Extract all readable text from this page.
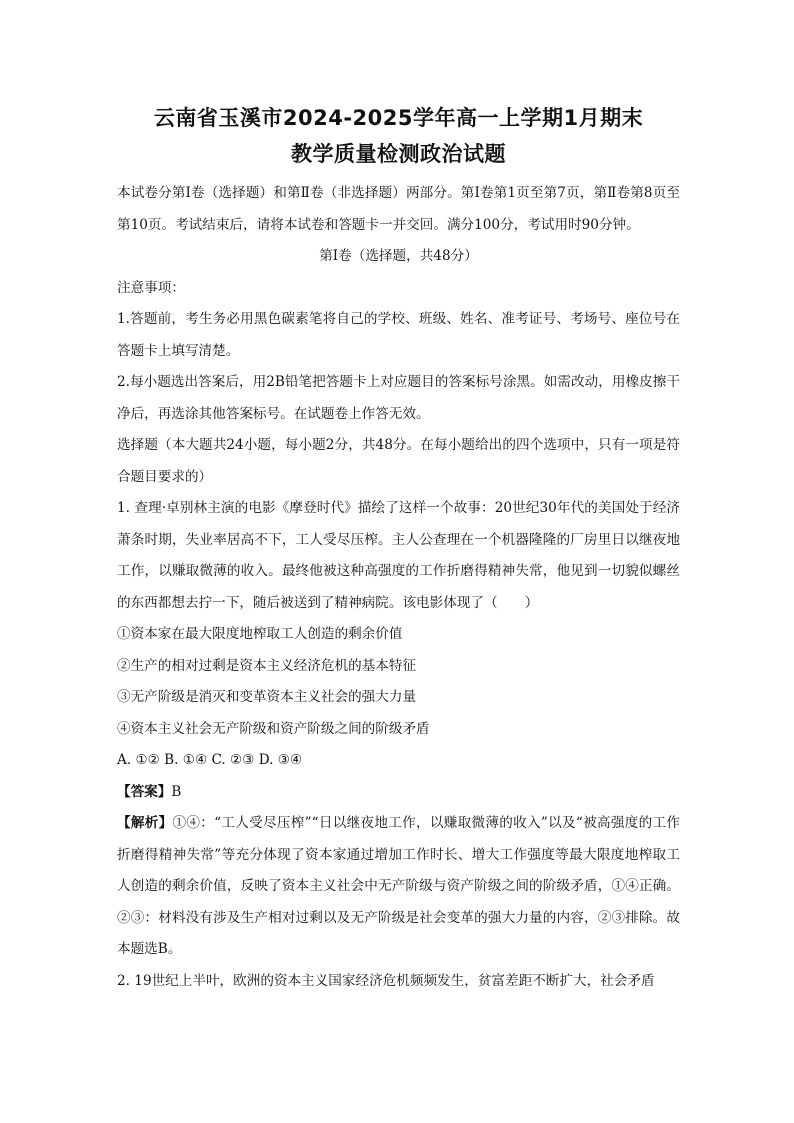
云南省玉溪市2024-2025学年高一上学期1月期末
教学质量检测政治试题

本试卷分第Ⅰ卷（选择题）和第Ⅱ卷（非选择题）两部分。第Ⅰ卷第1页至第7页，第Ⅱ卷第8页至第10页。考试结束后，请将本试卷和答题卡一并交回。满分100分，考试用时90分钟。

第Ⅰ卷（选择题，共48分）

注意事项：

1.答题前，考生务必用黑色碳素笔将自己的学校、班级、姓名、准考证号、考场号、座位号在答题卡上填写清楚。

2.每小题选出答案后，用2B铅笔把答题卡上对应题目的答案标号涂黑。如需改动，用橡皮擦干净后，再选涂其他答案标号。在试题卷上作答无效。

选择题（本大题共24小题，每小题2分，共48分。在每小题给出的四个选项中，只有一项是符合题目要求的）

1. 查理·卓别林主演的电影《摩登时代》描绘了这样一个故事：20世纪30年代的美国处于经济萧条时期，失业率居高不下，工人受尽压榨。主人公查理在一个机器隆隆的厂房里日以继夜地工作，以赚取微薄的收入。最终他被这种高强度的工作折磨得精神失常，他见到一切貌似螺丝的东西都想去拧一下，随后被送到了精神病院。该电影体现了（　　）

①资本家在最大限度地榨取工人创造的剩余价值

②生产的相对过剩是资本主义经济危机的基本特征

③无产阶级是消灭和变革资本主义社会的强大力量

④资本主义社会无产阶级和资产阶级之间的阶级矛盾

A. ①② B. ①④ C. ②③ D. ③④

【答案】B

【解析】①④：“工人受尽压榨”“日以继夜地工作，以赚取微薄的收入”以及“被高强度的工作折磨得精神失常”等充分体现了资本家通过增加工作时长、增大工作强度等最大限度地榨取工人创造的剩余价值，反映了资本主义社会中无产阶级与资产阶级之间的阶级矛盾，①④正确。②③：材料没有涉及生产相对过剩以及无产阶级是社会变革的强大力量的内容，②③排除。故本题选B。

2. 19世纪上半叶，欧洲的资本主义国家经济危机频频发生，贫富差距不断扩大，社会矛盾
